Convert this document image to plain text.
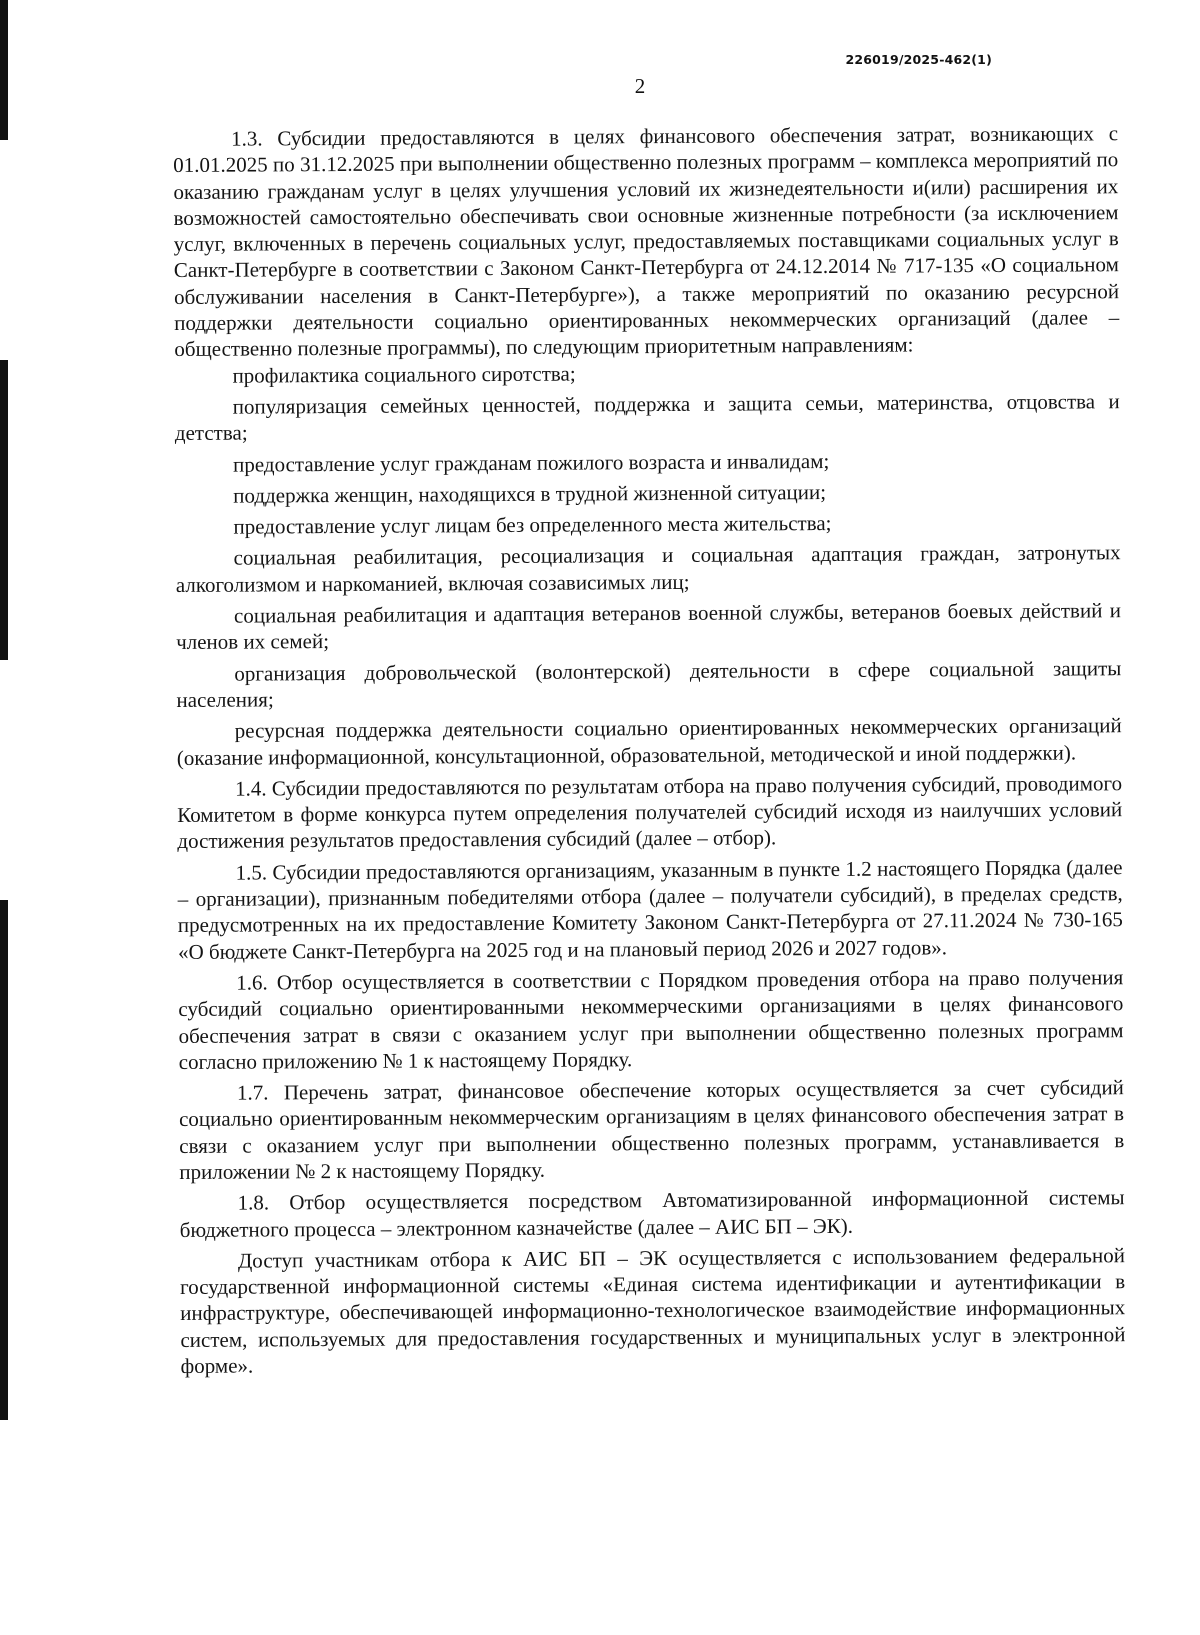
226019/2025-462(1)
2

1.3. Субсидии предоставляются в целях финансового обеспечения затрат, возникающих с 01.01.2025 по 31.12.2025 при выполнении общественно полезных программ – комплекса мероприятий по оказанию гражданам услуг в целях улучшения условий их жизнедеятельности и(или) расширения их возможностей самостоятельно обеспечивать свои основные жизненные потребности (за исключением услуг, включенных в перечень социальных услуг, предоставляемых поставщиками социальных услуг в Санкт-Петербурге в соответствии с Законом Санкт-Петербурга от 24.12.2014 № 717-135 «О социальном обслуживании населения в Санкт-Петербурге»), а также мероприятий по оказанию ресурсной поддержки деятельности социально ориентированных некоммерческих организаций (далее – общественно полезные программы), по следующим приоритетным направлениям:

профилактика социального сиротства;

популяризация семейных ценностей, поддержка и защита семьи, материнства, отцовства и детства;

предоставление услуг гражданам пожилого возраста и инвалидам;

поддержка женщин, находящихся в трудной жизненной ситуации;

предоставление услуг лицам без определенного места жительства;

социальная реабилитация, ресоциализация и социальная адаптация граждан, затронутых алкоголизмом и наркоманией, включая созависимых лиц;

социальная реабилитация и адаптация ветеранов военной службы, ветеранов боевых действий и членов их семей;

организация добровольческой (волонтерской) деятельности в сфере социальной защиты населения;

ресурсная поддержка деятельности социально ориентированных некоммерческих организаций (оказание информационной, консультационной, образовательной, методической и иной поддержки).

1.4. Субсидии предоставляются по результатам отбора на право получения субсидий, проводимого Комитетом в форме конкурса путем определения получателей субсидий исходя из наилучших условий достижения результатов предоставления субсидий (далее – отбор).

1.5. Субсидии предоставляются организациям, указанным в пункте 1.2 настоящего Порядка (далее – организации), признанным победителями отбора (далее – получатели субсидий), в пределах средств, предусмотренных на их предоставление Комитету Законом Санкт-Петербурга от 27.11.2024 № 730-165 «О бюджете Санкт-Петербурга на 2025 год и на плановый период 2026 и 2027 годов».

1.6. Отбор осуществляется в соответствии с Порядком проведения отбора на право получения субсидий социально ориентированными некоммерческими организациями в целях финансового обеспечения затрат в связи с оказанием услуг при выполнении общественно полезных программ согласно приложению № 1 к настоящему Порядку.

1.7. Перечень затрат, финансовое обеспечение которых осуществляется за счет субсидий социально ориентированным некоммерческим организациям в целях финансового обеспечения затрат в связи с оказанием услуг при выполнении общественно полезных программ, устанавливается в приложении № 2 к настоящему Порядку.

1.8. Отбор осуществляется посредством Автоматизированной информационной системы бюджетного процесса – электронном казначействе (далее – АИС БП – ЭК).

Доступ участникам отбора к АИС БП – ЭК осуществляется с использованием федеральной государственной информационной системы «Единая система идентификации и аутентификации в инфраструктуре, обеспечивающей информационно-технологическое взаимодействие информационных систем, используемых для предоставления государственных и муниципальных услуг в электронной форме».
